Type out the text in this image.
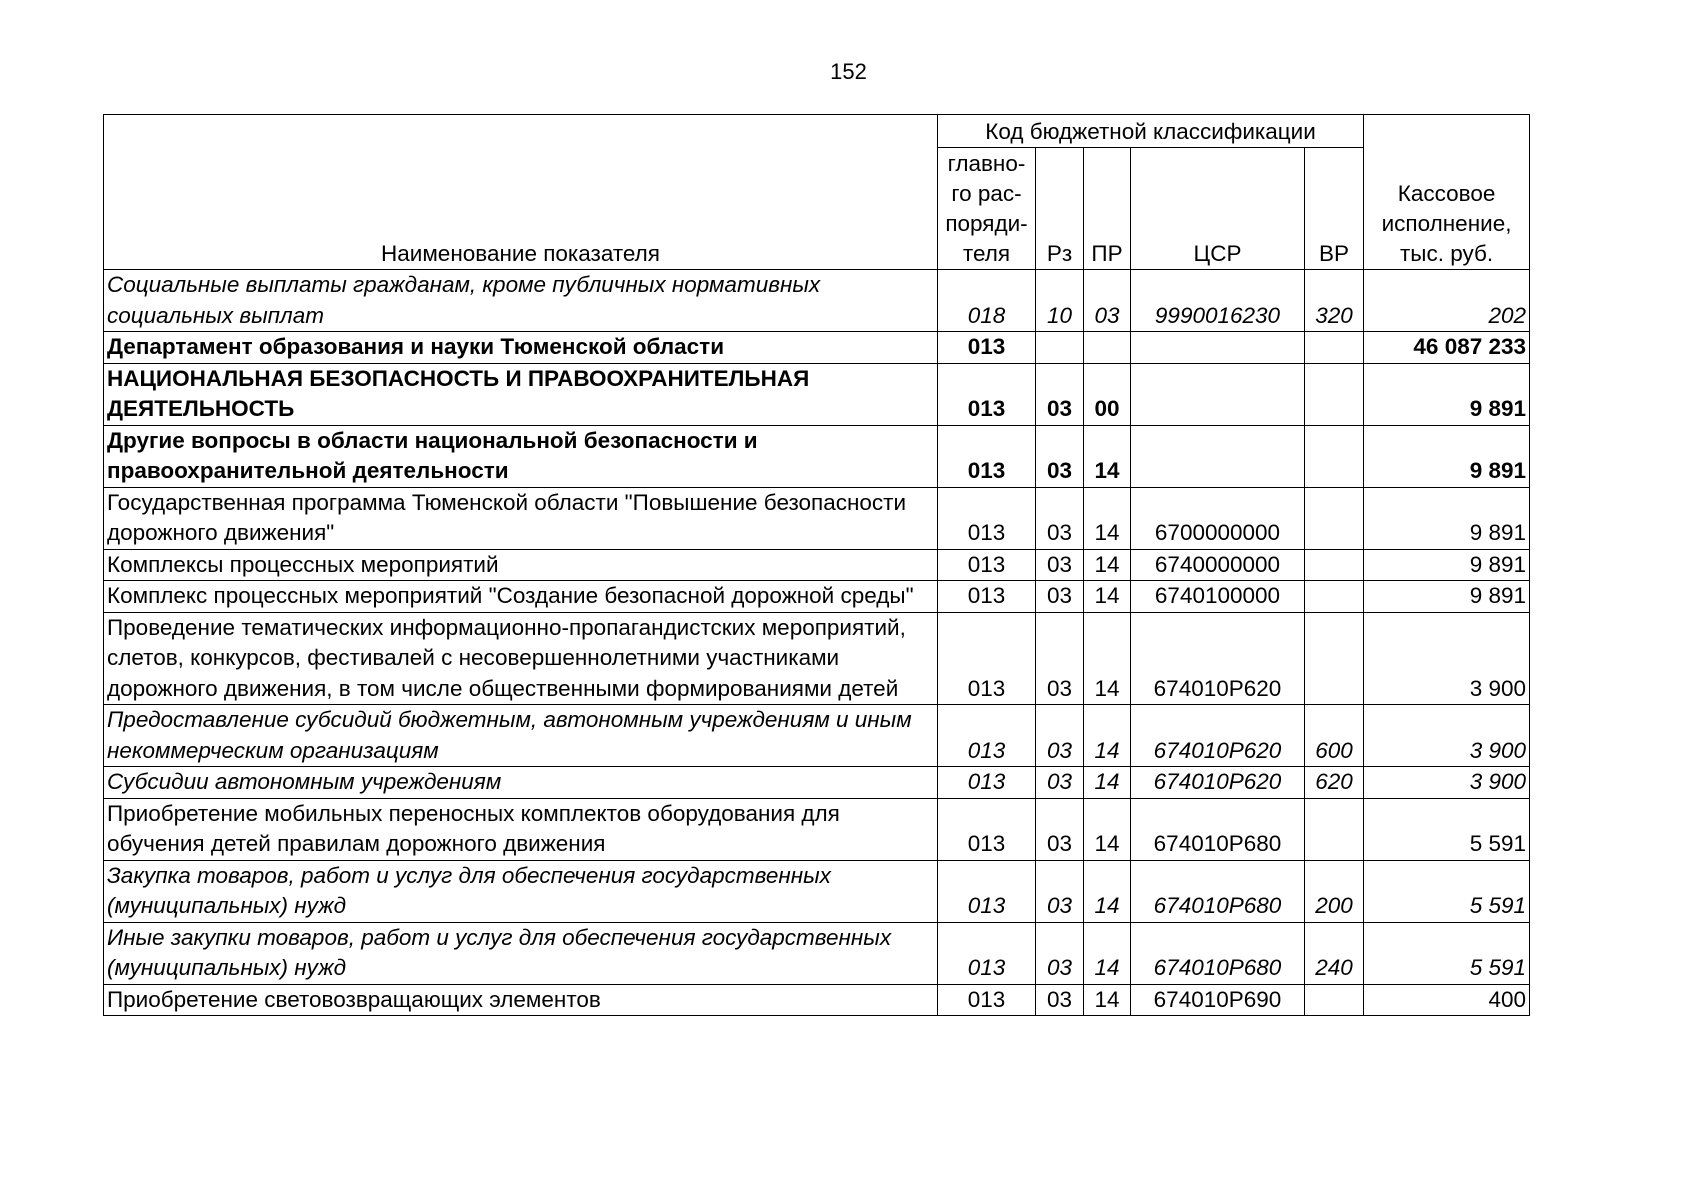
152
Наименование показателя	Код бюджетной классификации					Кассовое исполнение, тыс. руб.
	главно-го рас-поряди-теля	Рз	ПР	ЦСР	ВР	
Социальные выплаты гражданам, кроме публичных нормативных социальных выплат	018	10	03	9990016230	320	202
Департамент образования и науки Тюменской области	013					46 087 233
НАЦИОНАЛЬНАЯ БЕЗОПАСНОСТЬ И ПРАВООХРАНИТЕЛЬНАЯ ДЕЯТЕЛЬНОСТЬ	013	03	00			9 891
Другие вопросы в области национальной безопасности и правоохранительной деятельности	013	03	14			9 891
Государственная программа Тюменской области "Повышение безопасности дорожного движения"	013	03	14	6700000000		9 891
Комплексы процессных мероприятий	013	03	14	6740000000		9 891
Комплекс процессных мероприятий "Создание безопасной дорожной среды"	013	03	14	6740100000		9 891
Проведение тематических информационно-пропагандистских мероприятий, слетов, конкурсов, фестивалей с несовершеннолетними участниками дорожного движения, в том числе общественными формированиями детей	013	03	14	674010Р620		3 900
Предоставление субсидий бюджетным, автономным учреждениям и иным некоммерческим организациям	013	03	14	674010Р620	600	3 900
Субсидии автономным учреждениям	013	03	14	674010Р620	620	3 900
Приобретение мобильных переносных комплектов оборудования для обучения детей правилам дорожного движения	013	03	14	674010Р680		5 591
Закупка товаров, работ и услуг для обеспечения государственных (муниципальных) нужд	013	03	14	674010Р680	200	5 591
Иные закупки товаров, работ и услуг для обеспечения государственных (муниципальных) нужд	013	03	14	674010Р680	240	5 591
Приобретение световозвращающих элементов	013	03	14	674010Р690		400
